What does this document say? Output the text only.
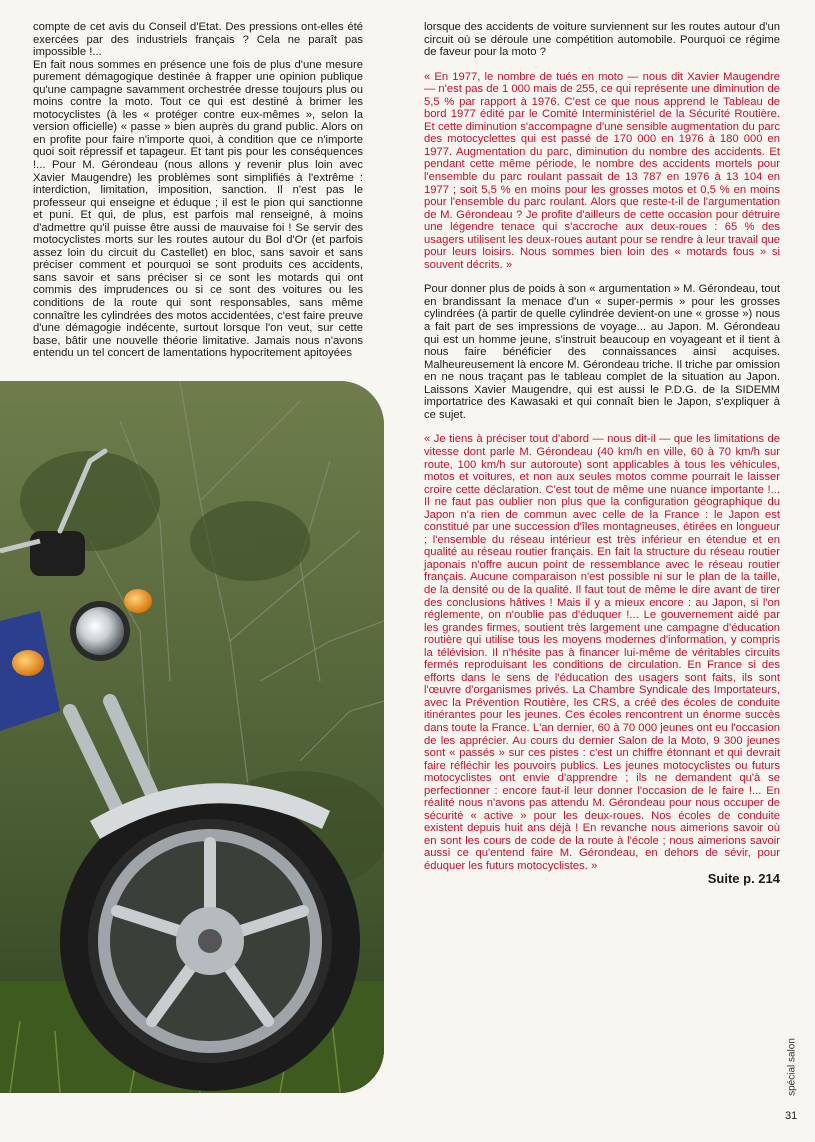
compte de cet avis du Conseil d'Etat. Des pressions ont-elles été exercées par des industriels français ? Cela ne paraît pas impossible !...

En fait nous sommes en présence une fois de plus d'une mesure purement démagogique destinée à frapper une opinion publique qu'une campagne savamment orchestrée dresse toujours plus ou moins contre la moto. Tout ce qui est destiné à brimer les motocyclistes (à les « protéger contre eux-mêmes », selon la version officielle) « passe » bien auprès du grand public. Alors on en profite pour faire n'importe quoi, à condition que ce n'importe quoi soit répressif et tapageur. Et tant pis pour les conséquences !... Pour M. Gérondeau (nous allons y revenir plus loin avec Xavier Maugendre) les problèmes sont simplifiés à l'extrême : interdiction, limitation, imposition, sanction. Il n'est pas le professeur qui enseigne et éduque ; il est le pion qui sanctionne et puni. Et qui, de plus, est parfois mal renseigné, à moins d'admettre qu'il puisse être aussi de mauvaise foi ! Se servir des motocyclistes morts sur les routes autour du Bol d'Or (et parfois assez loin du circuit du Castellet) en bloc, sans savoir et sans préciser comment et pourquoi se sont produits ces accidents, sans savoir et sans préciser si ce sont les motards qui ont commis des imprudences ou si ce sont des voitures ou les conditions de la route qui sont responsables, sans même connaître les cylindrées des motos accidentées, c'est faire preuve d'une démagogie indécente, surtout lorsque l'on veut, sur cette base, bâtir une nouvelle théorie limitative. Jamais nous n'avons entendu un tel concert de lamentations hypocritement apitoyées

lorsque des accidents de voiture surviennent sur les routes autour d'un circuit où se déroule une compétition automobile. Pourquoi ce régime de faveur pour la moto ?

« En 1977, le nombre de tués en moto — nous dit Xavier Maugendre — n'est pas de 1 000 mais de 255, ce qui représente une diminution de 5,5 % par rapport à 1976. C'est ce que nous apprend le Tableau de bord 1977 édité par le Comité Interministériel de la Sécurité Routière. Et cette diminution s'accompagne d'une sensible augmentation du parc des motocyclettes qui est passé de 170 000 en 1976 à 180 000 en 1977. Augmentation du parc, diminution du nombre des accidents. Et pendant cette même période, le nombre des accidents mortels pour l'ensemble du parc roulant passait de 13 787 en 1976 à 13 104 en 1977 ; soit 5,5 % en moins pour les grosses motos et 0,5 % en moins pour l'ensemble du parc roulant. Alors que reste-t-il de l'argumentation de M. Gérondeau ? Je profite d'ailleurs de cette occasion pour détruire une légendre tenace qui s'accroche aux deux-roues : 65 % des usagers utilisent les deux-roues autant pour se rendre à leur travail que pour leurs loisirs. Nous sommes bien loin des « motards fous » si souvent décrits. »

Pour donner plus de poids à son « argumentation » M. Gérondeau, tout en brandissant la menace d'un « super-permis » pour les grosses cylindrées (à partir de quelle cylindrée devient-on une « grosse ») nous a fait part de ses impressions de voyage... au Japon. M. Gérondeau qui est un homme jeune, s'instruit beaucoup en voyageant et il tient à nous faire bénéficier des connaissances ainsi acquises. Malheureusement là encore M. Gérondeau triche. Il triche par omission en ne nous traçant pas le tableau complet de la situation au Japon. Laissons Xavier Maugendre, qui est aussi le P.D.G. de la SIDEMM importatrice des Kawasaki et qui connaît bien le Japon, s'expliquer à ce sujet.

« Je tiens à préciser tout d'abord — nous dit-il — que les limitations de vitesse dont parle M. Gérondeau (40 km/h en ville, 60 à 70 km/h sur route, 100 km/h sur autoroute) sont applicables à tous les véhicules, motos et voitures, et non aux seules motos comme pourrait le laisser croire cette déclaration. C'est tout de même une nuance importante !... Il ne faut pas oublier non plus que la configuration géographique du Japon n'a rien de commun avec celle de la France : le Japon est constitué par une succession d'îles montagneuses, étirées en longueur ; l'ensemble du réseau intérieur est très inférieur en étendue et en qualité au réseau routier français. En fait la structure du réseau routier japonais n'offre aucun point de ressemblance avec le réseau routier français. Aucune comparaison n'est possible ni sur le plan de la taille, de la densité ou de la qualité. Il faut tout de même le dire avant de tirer des conclusions hâtives ! Mais il y a mieux encore : au Japon, si l'on réglemente, on n'oublie pas d'éduquer !... Le gouvernement aidé par les grandes firmes, soutient très largement une campagne d'éducation routière qui utilise tous les moyens modernes d'information, y compris la télévision. Il n'hésite pas à financer lui-même de véritables circuits fermés reproduisant les conditions de circulation. En France si des efforts dans le sens de l'éducation des usagers sont faits, ils sont l'œuvre d'organismes privés. La Chambre Syndicale des Importateurs, avec la Prévention Routière, les CRS, a créé des écoles de conduite itinérantes pour les jeunes. Ces écoles rencontrent un énorme succès dans toute la France. L'an dernier, 60 à 70 000 jeunes ont eu l'occasion de les apprécier. Au cours du dernier Salon de la Moto, 9 300 jeunes sont « passés » sur ces pistes : c'est un chiffre étonnant et qui devrait faire réfléchir les pouvoirs publics. Les jeunes motocyclistes ou futurs motocyclistes ont envie d'apprendre ; ils ne demandent qu'à se perfectionner : encore faut-il leur donner l'occasion de le faire !... En réalité nous n'avons pas attendu M. Gérondeau pour nous occuper de sécurité « active » pour les deux-roues. Nos écoles de conduite existent depuis huit ans déjà ! En revanche nous aimerions savoir où en sont les cours de code de la route à l'école ; nous aimerions savoir aussi ce qu'entend faire M. Gérondeau, en dehors de sévir, pour éduquer les futurs motocyclistes. »

Suite p. 214

spécial salon
31
